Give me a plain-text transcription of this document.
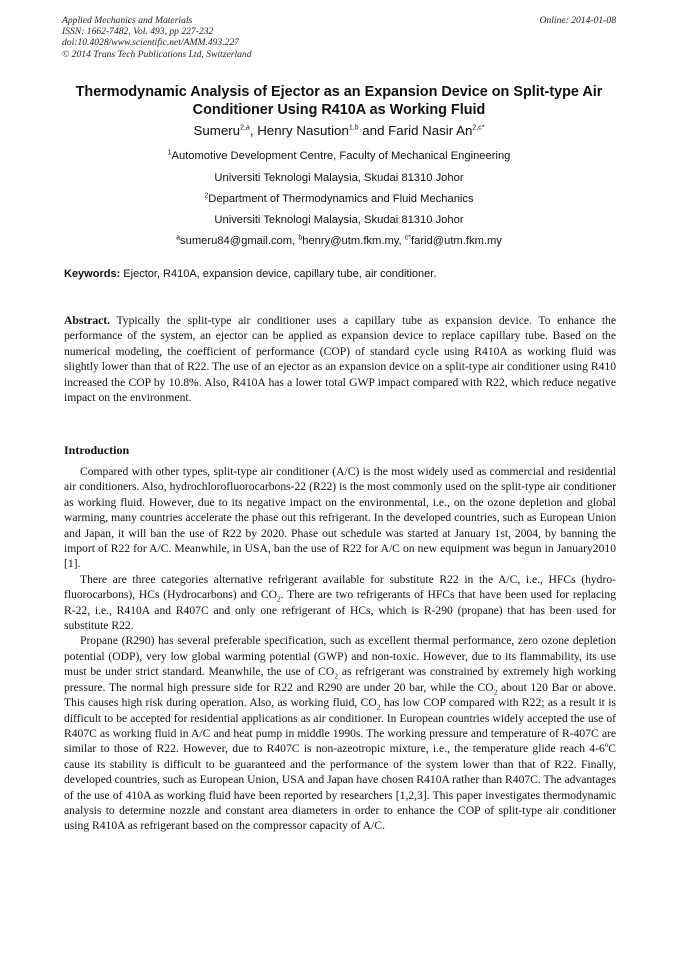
Applied Mechanics and Materials
ISSN: 1662-7482, Vol. 493, pp 227-232
doi:10.4028/www.scientific.net/AMM.493.227
© 2014 Trans Tech Publications Ltd, Switzerland
Online: 2014-01-08
Thermodynamic Analysis of Ejector as an Expansion Device on Split-type Air Conditioner Using R410A as Working Fluid
Sumeru$^{2,a}$, Henry Nasution$^{1,b}$ and Farid Nasir $An^{2,c*}$
$^1$Automotive Development Centre, Faculty of Mechanical Engineering
Universiti Teknologi Malaysia, Skudai 81310 Johor
$^2$Department of Thermodynamics and Fluid Mechanics
Universiti Teknologi Malaysia, Skudai 81310 Johor
$^a$sumeru84@gmail.com, $^b$henry@utm.fkm.my, $^{c*}$farid@utm.fkm.my
Keywords: Ejector, R410A, expansion device, capillary tube, air conditioner.
Abstract. Typically the split-type air conditioner uses a capillary tube as expansion device. To enhance the performance of the system, an ejector can be applied as expansion device to replace capillary tube. Based on the numerical modeling, the coefficient of performance (COP) of standard cycle using R410A as working fluid was slightly lower than that of R22. The use of an ejector as an expansion device on a split-type air conditioner using R410 increased the COP by 10.8%. Also, R410A has a lower total GWP impact compared with R22, which reduce negative impact on the environment.
Introduction

Compared with other types, split-type air conditioner (A/C) is the most widely used as commercial and residential air conditioners. Also, hydrochlorofluorocarbons-22 (R22) is the most commonly used on the split-type air conditioner as working fluid. However, due to its negative impact on the environmental, i.e., on the ozone depletion and global warming, many countries accelerate the phase out this refrigerant. In the developed countries, such as European Union and Japan, it will ban the use of R22 by 2020. Phase out schedule was started at January 1st, 2004, by banning the import of R22 for A/C. Meanwhile, in USA, ban the use of R22 for A/C on new equipment was begun in January2010 [1].

There are three categories alternative refrigerant available for substitute R22 in the A/C, i.e., HFCs (hydro-fluorocarbons), HCs (Hydrocarbons) and $CO_2$. There are two refrigerants of HFCs that have been used for replacing R-22, i.e., R410A and R407C and only one refrigerant of HCs, which is R-290 (propane) that has been used for substitute R22.

Propane (R290) has several preferable specification, such as excellent thermal performance, zero ozone depletion potential (ODP), very low global warming potential (GWP) and non-toxic. However, due to its flammability, its use must be under strict standard. Meanwhile, the use of $CO_2$ as refrigerant was constrained by extremely high working pressure. The normal high pressure side for R22 and R290 are under 20 bar, while the $CO_2$ about 120 Bar or above. This causes high risk during operation. Also, as working fluid, $CO_2$ has low COP compared with R22; as a result it is difficult to be accepted for residential applications as air conditioner. In European countries widely accepted the use of R407C as working fluid in A/C and heat pump in middle 1990s. The working pressure and temperature of R-407C are similar to those of R22. However, due to R407C is non-azeotropic mixture, i.e., the temperature glide reach 4-6$^o$C cause its stability is difficult to be guaranteed and the performance of the system lower than that of R22. Finally, developed countries, such as European Union, USA and Japan have chosen R410A rather than R407C. The advantages of the use of 410A as working fluid have been reported by researchers [1,2,3]. This paper investigates thermodynamic analysis to determine nozzle and constant area diameters in order to enhance the COP of split-type air conditioner using R410A as refrigerant based on the compressor capacity of A/C.
